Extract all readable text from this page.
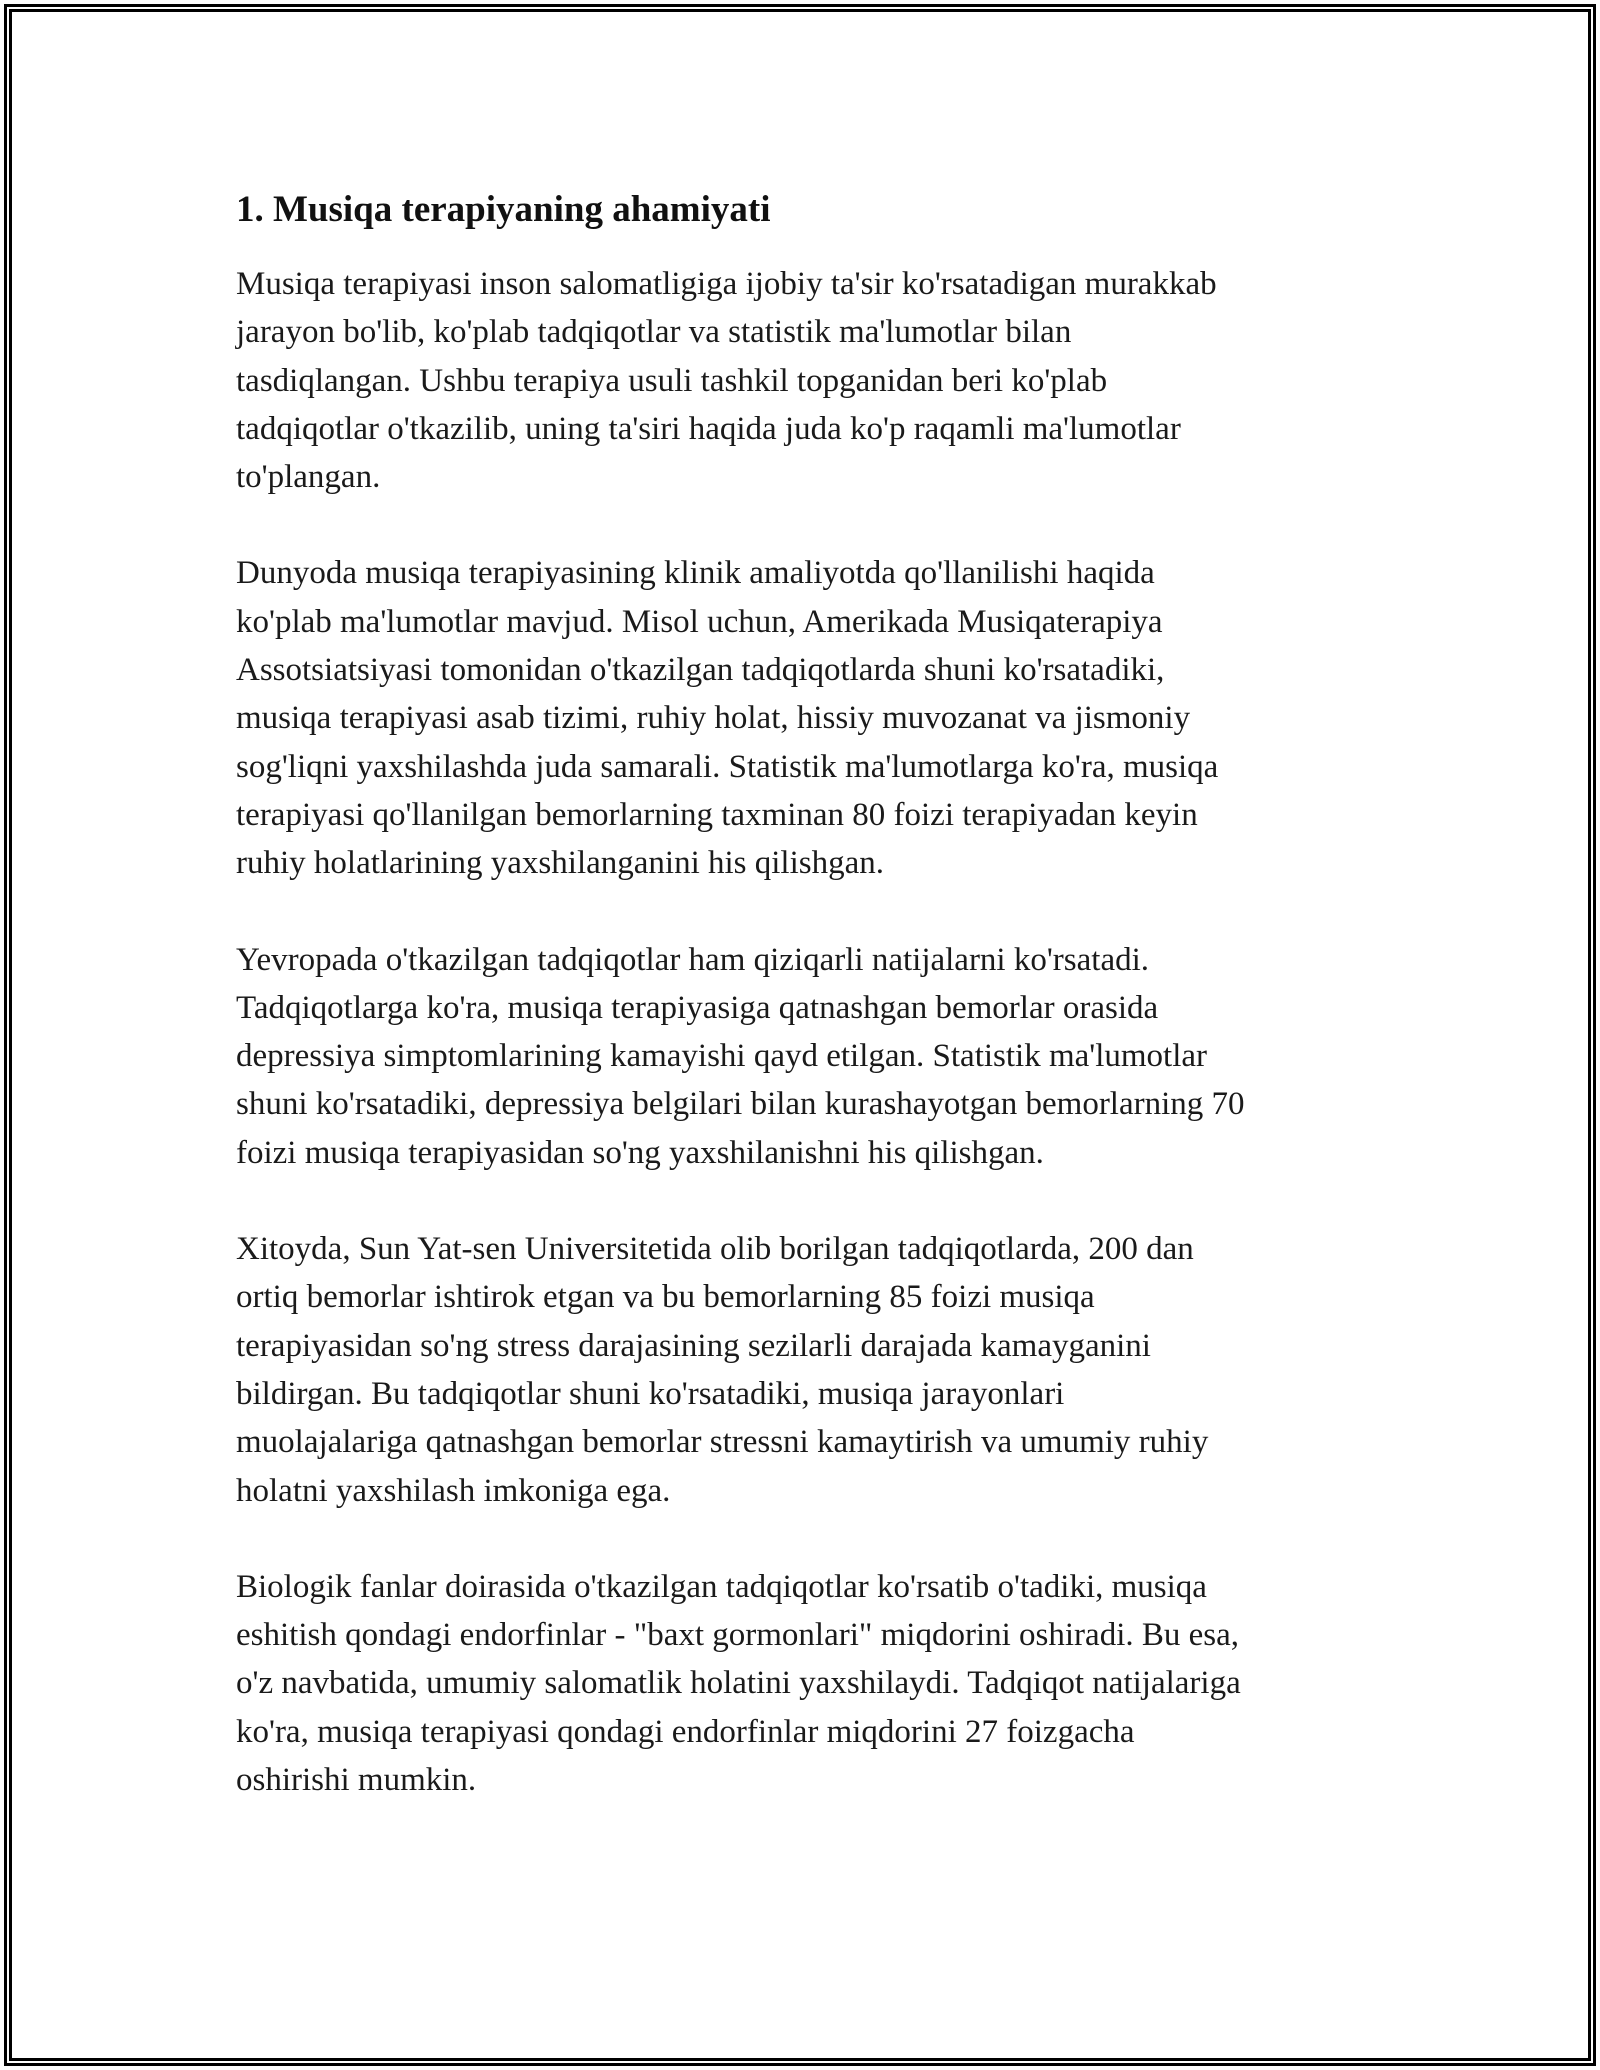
1. Musiqa terapiyaning ahamiyati

Musiqa terapiyasi inson salomatligiga ijobiy ta'sir ko'rsatadigan murakkab
jarayon bo'lib, ko'plab tadqiqotlar va statistik ma'lumotlar bilan
tasdiqlangan. Ushbu terapiya usuli tashkil topganidan beri ko'plab
tadqiqotlar o'tkazilib, uning ta'siri haqida juda ko'p raqamli ma'lumotlar
to'plangan.

Dunyoda musiqa terapiyasining klinik amaliyotda qo'llanilishi haqida
ko'plab ma'lumotlar mavjud. Misol uchun, Amerikada Musiqaterapiya
Assotsiatsiyasi tomonidan o'tkazilgan tadqiqotlarda shuni ko'rsatadiki,
musiqa terapiyasi asab tizimi, ruhiy holat, hissiy muvozanat va jismoniy
sog'liqni yaxshilashda juda samarali. Statistik ma'lumotlarga ko'ra, musiqa
terapiyasi qo'llanilgan bemorlarning taxminan 80 foizi terapiyadan keyin
ruhiy holatlarining yaxshilanganini his qilishgan.

Yevropada o'tkazilgan tadqiqotlar ham qiziqarli natijalarni ko'rsatadi.
Tadqiqotlarga ko'ra, musiqa terapiyasiga qatnashgan bemorlar orasida
depressiya simptomlarining kamayishi qayd etilgan. Statistik ma'lumotlar
shuni ko'rsatadiki, depressiya belgilari bilan kurashayotgan bemorlarning 70
foizi musiqa terapiyasidan so'ng yaxshilanishni his qilishgan.

Xitoyda, Sun Yat-sen Universitetida olib borilgan tadqiqotlarda, 200 dan
ortiq bemorlar ishtirok etgan va bu bemorlarning 85 foizi musiqa
terapiyasidan so'ng stress darajasining sezilarli darajada kamayganini
bildirgan. Bu tadqiqotlar shuni ko'rsatadiki, musiqa jarayonlari
muolajalariga qatnashgan bemorlar stressni kamaytirish va umumiy ruhiy
holatni yaxshilash imkoniga ega.

Biologik fanlar doirasida o'tkazilgan tadqiqotlar ko'rsatib o'tadiki, musiqa
eshitish qondagi endorfinlar - "baxt gormonlari" miqdorini oshiradi. Bu esa,
o'z navbatida, umumiy salomatlik holatini yaxshilaydi. Tadqiqot natijalariga
ko'ra, musiqa terapiyasi qondagi endorfinlar miqdorini 27 foizgacha
oshirishi mumkin.
